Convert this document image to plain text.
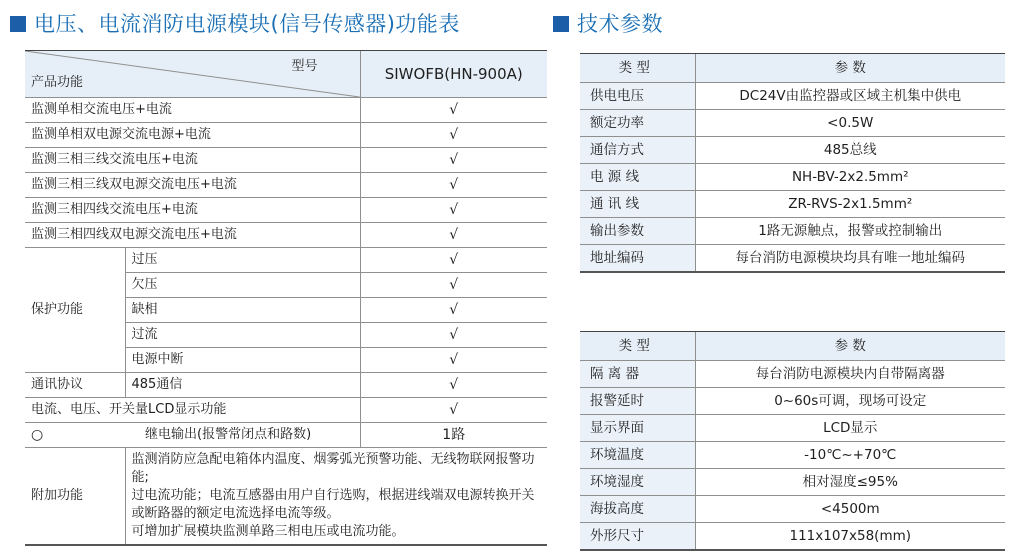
电压、电流消防电源模块(信号传感器)功能表	技术参数
型号
产品功能		SIWOFB(HN-900A)
监测单相交流电压+电流		√
监测单相双电源交流电源+电流		√
监测三相三线交流电压+电流		√
监测三相三线双电源交流电压+电流		√
监测三相四线交流电压+电流		√
监测三相四线双电源交流电压+电流		√
保护功能	过压	√
	欠压	√
	缺相	√
	过流	√
	电源中断	√
通讯协议	485通信	√
电流、电压、开关量LCD显示功能		√
○	继电输出(报警常闭点和路数)	1路
附加功能	监测消防应急配电箱体内温度、烟雾弧光预警功能、无线物联网报警功能;
过电流功能；电流互感器由用户自行选购，根据进线端双电源转换开关或断路器的额定电流选择电流等级。
可增加扩展模块监测单路三相电压或电流功能。	
类 型	参 数
供电电压	DC24V由监控器或区域主机集中供电
额定功率	<0.5W
通信方式	485总线
电 源 线	NH-BV-2x2.5mm²
通 讯 线	ZR-RVS-2x1.5mm²
输出参数	1路无源触点，报警或控制输出
地址编码	每台消防电源模块均具有唯一地址编码
类 型	参 数
隔 离 器	每台消防电源模块内自带隔离器
报警延时	0~60s可调，现场可设定
显示界面	LCD显示
环境温度	-10℃~+70℃
环境湿度	相对湿度≤95%
海拔高度	<4500m
外形尺寸	111x107x58(mm)
